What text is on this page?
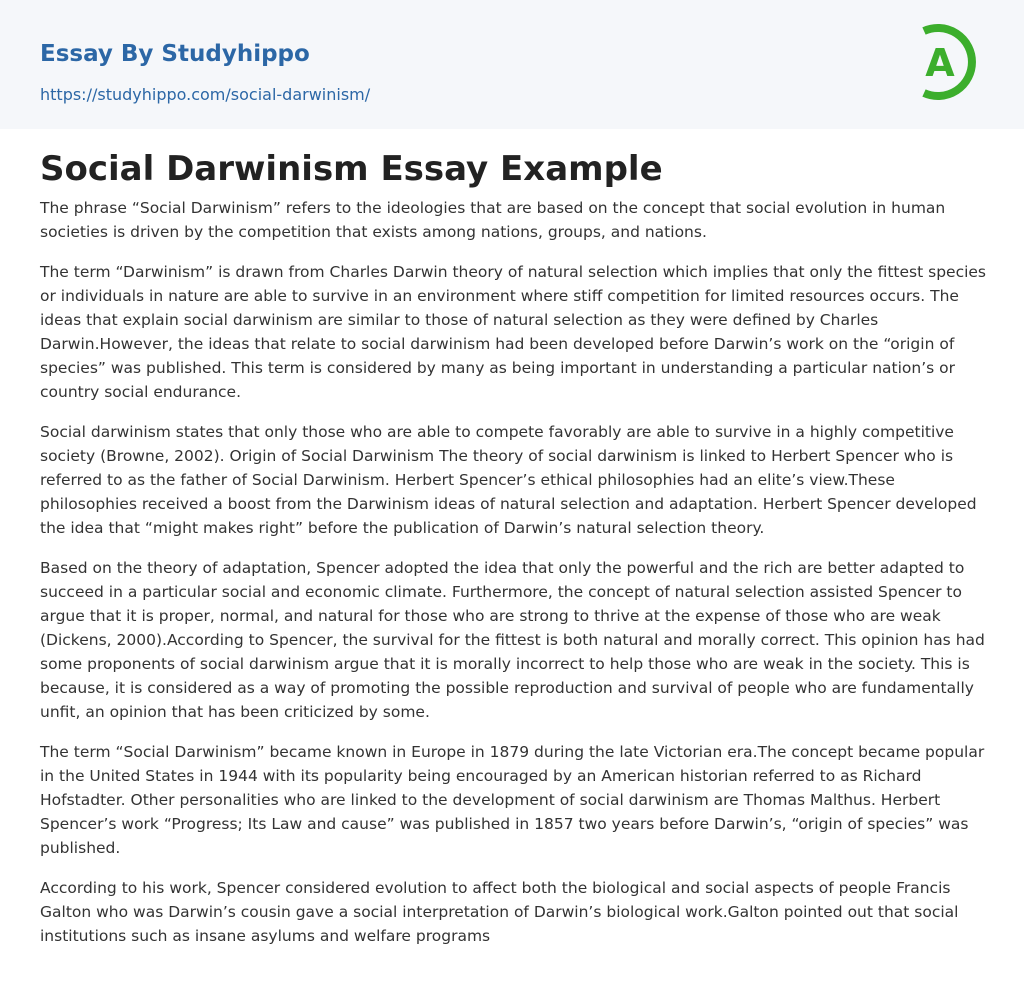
Essay By Studyhippo
https://studyhippo.com/social-darwinism/
A
Social Darwinism Essay Example

The phrase “Social Darwinism” refers to the ideologies that are based on the concept that social evolution in human societies is driven by the competition that exists among nations, groups, and nations.

The term “Darwinism” is drawn from Charles Darwin theory of natural selection which implies that only the fittest species or individuals in nature are able to survive in an environment where stiff competition for limited resources occurs. The ideas that explain social darwinism are similar to those of natural selection as they were defined by Charles Darwin.However, the ideas that relate to social darwinism had been developed before Darwin’s work on the “origin of species” was published. This term is considered by many as being important in understanding a particular nation’s or country social endurance.

Social darwinism states that only those who are able to compete favorably are able to survive in a highly competitive society (Browne, 2002). Origin of Social Darwinism The theory of social darwinism is linked to Herbert Spencer who is referred to as the father of Social Darwinism. Herbert Spencer’s ethical philosophies had an elite’s view.These philosophies received a boost from the Darwinism ideas of natural selection and adaptation. Herbert Spencer developed the idea that “might makes right” before the publication of Darwin’s natural selection theory.

Based on the theory of adaptation, Spencer adopted the idea that only the powerful and the rich are better adapted to succeed in a particular social and economic climate. Furthermore, the concept of natural selection assisted Spencer to argue that it is proper, normal, and natural for those who are strong to thrive at the expense of those who are weak (Dickens, 2000).According to Spencer, the survival for the fittest is both natural and morally correct. This opinion has had some proponents of social darwinism argue that it is morally incorrect to help those who are weak in the society. This is because, it is considered as a way of promoting the possible reproduction and survival of people who are fundamentally unfit, an opinion that has been criticized by some.

The term “Social Darwinism” became known in Europe in 1879 during the late Victorian era.The concept became popular in the United States in 1944 with its popularity being encouraged by an American historian referred to as Richard Hofstadter. Other personalities who are linked to the development of social darwinism are Thomas Malthus. Herbert Spencer’s work “Progress; Its Law and cause” was published in 1857 two years before Darwin’s, “origin of species” was published.

According to his work, Spencer considered evolution to affect both the biological and social aspects of people Francis Galton who was Darwin’s cousin gave a social interpretation of Darwin’s biological work.Galton pointed out that social institutions such as insane asylums and welfare programs
